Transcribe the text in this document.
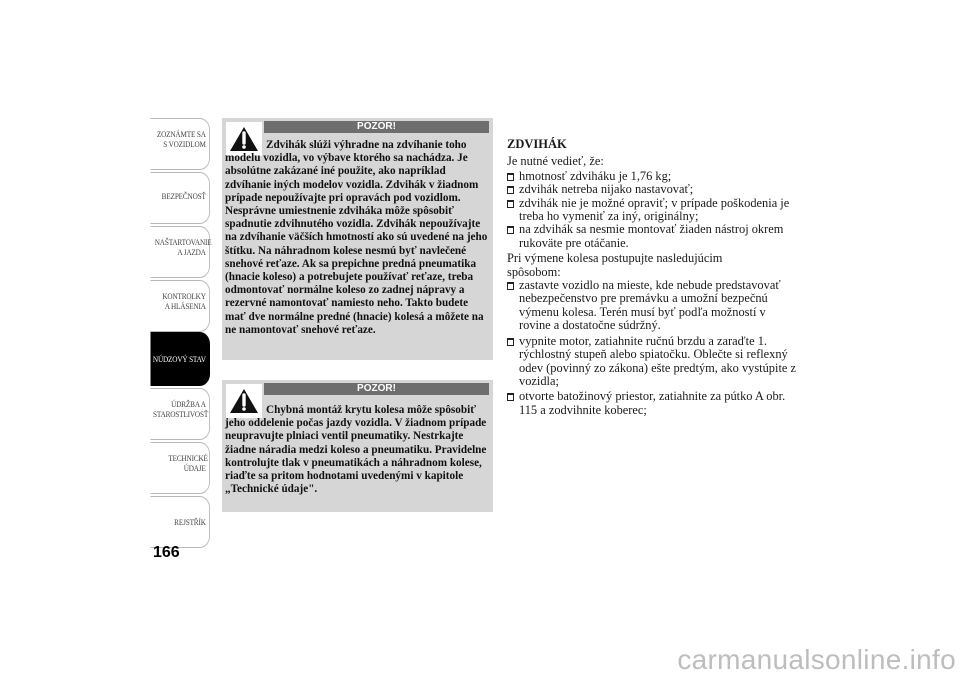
ZOZNÁMTE SA S VOZIDLOM
BEZPEČNOSŤ
NAŠTARTOVANIE A JAZDA
KONTROLKY A HLÁSENIA
NÚDZOVÝ STAV
ÚDRŽBA A STAROSTLIVOSŤ
TECHNICKÉ ÚDAJE
REJSTŘÍK
166
POZOR!
Zdvihák slúži výhradne na zdvíhanie toho modelu vozidla, vo výbave ktorého sa nachádza. Je absolútne zakázané iné použite, ako napríklad zdvíhanie iných modelov vozidla. Zdvihák v žiadnom prípade nepoužívajte pri opravách pod vozidlom. Nesprávne umiestnenie zdviháka môže spôsobiť spadnutie zdvihnutého vozidla. Zdvihák nepoužívajte na zdvíhanie väčších hmotností ako sú uvedené na jeho štítku. Na náhradnom kolese nesmú byť navlečené snehové reťaze. Ak sa prepichne predná pneumatika (hnacie koleso) a potrebujete používať reťaze, treba odmontovať normálne koleso zo zadnej nápravy a rezervné namontovať namiesto neho. Takto budete mať dve normálne predné (hnacie) kolesá a môžete na ne namontovať snehové reťaze.
POZOR!
Chybná montáž krytu kolesa môže spôsobiť jeho oddelenie počas jazdy vozidla. V žiadnom prípade neupravujte plniaci ventil pneumatiky. Nestrkajte žiadne náradia medzi koleso a pneumatiku. Pravidelne kontrolujte tlak v pneumatikách a náhradnom kolese, riaďte sa pritom hodnotami uvedenými v kapitole „Technické údaje".
ZDVIHÁK

Je nutné vedieť, že:

hmotnosť zdviháku je 1,76 kg;
zdvihák netreba nijako nastavovať;
zdvihák nie je možné opraviť; v prípade poškodenia je treba ho vymeniť za iný, originálny;
na zdvihák sa nesmie montovať žiaden nástroj okrem rukoväte pre otáčanie.

Pri výmene kolesa postupujte nasledujúcim spôsobom:

zastavte vozidlo na mieste, kde nebude predstavovať nebezpečenstvo pre premávku a umožní bezpečnú výmenu kolesa. Terén musí byť podľa možností v rovine a dostatočne súdržný.
vypnite motor, zatiahnite ručnú brzdu a zaraďte 1. rýchlostný stupeň alebo spiatočku. Oblečte si reflexný odev (povinný zo zákona) ešte predtým, ako vystúpite z vozidla;
otvorte batožinový priestor, zatiahnite za pútko A obr. 115 a zodvihnite koberec;
carmanualsonline.info
